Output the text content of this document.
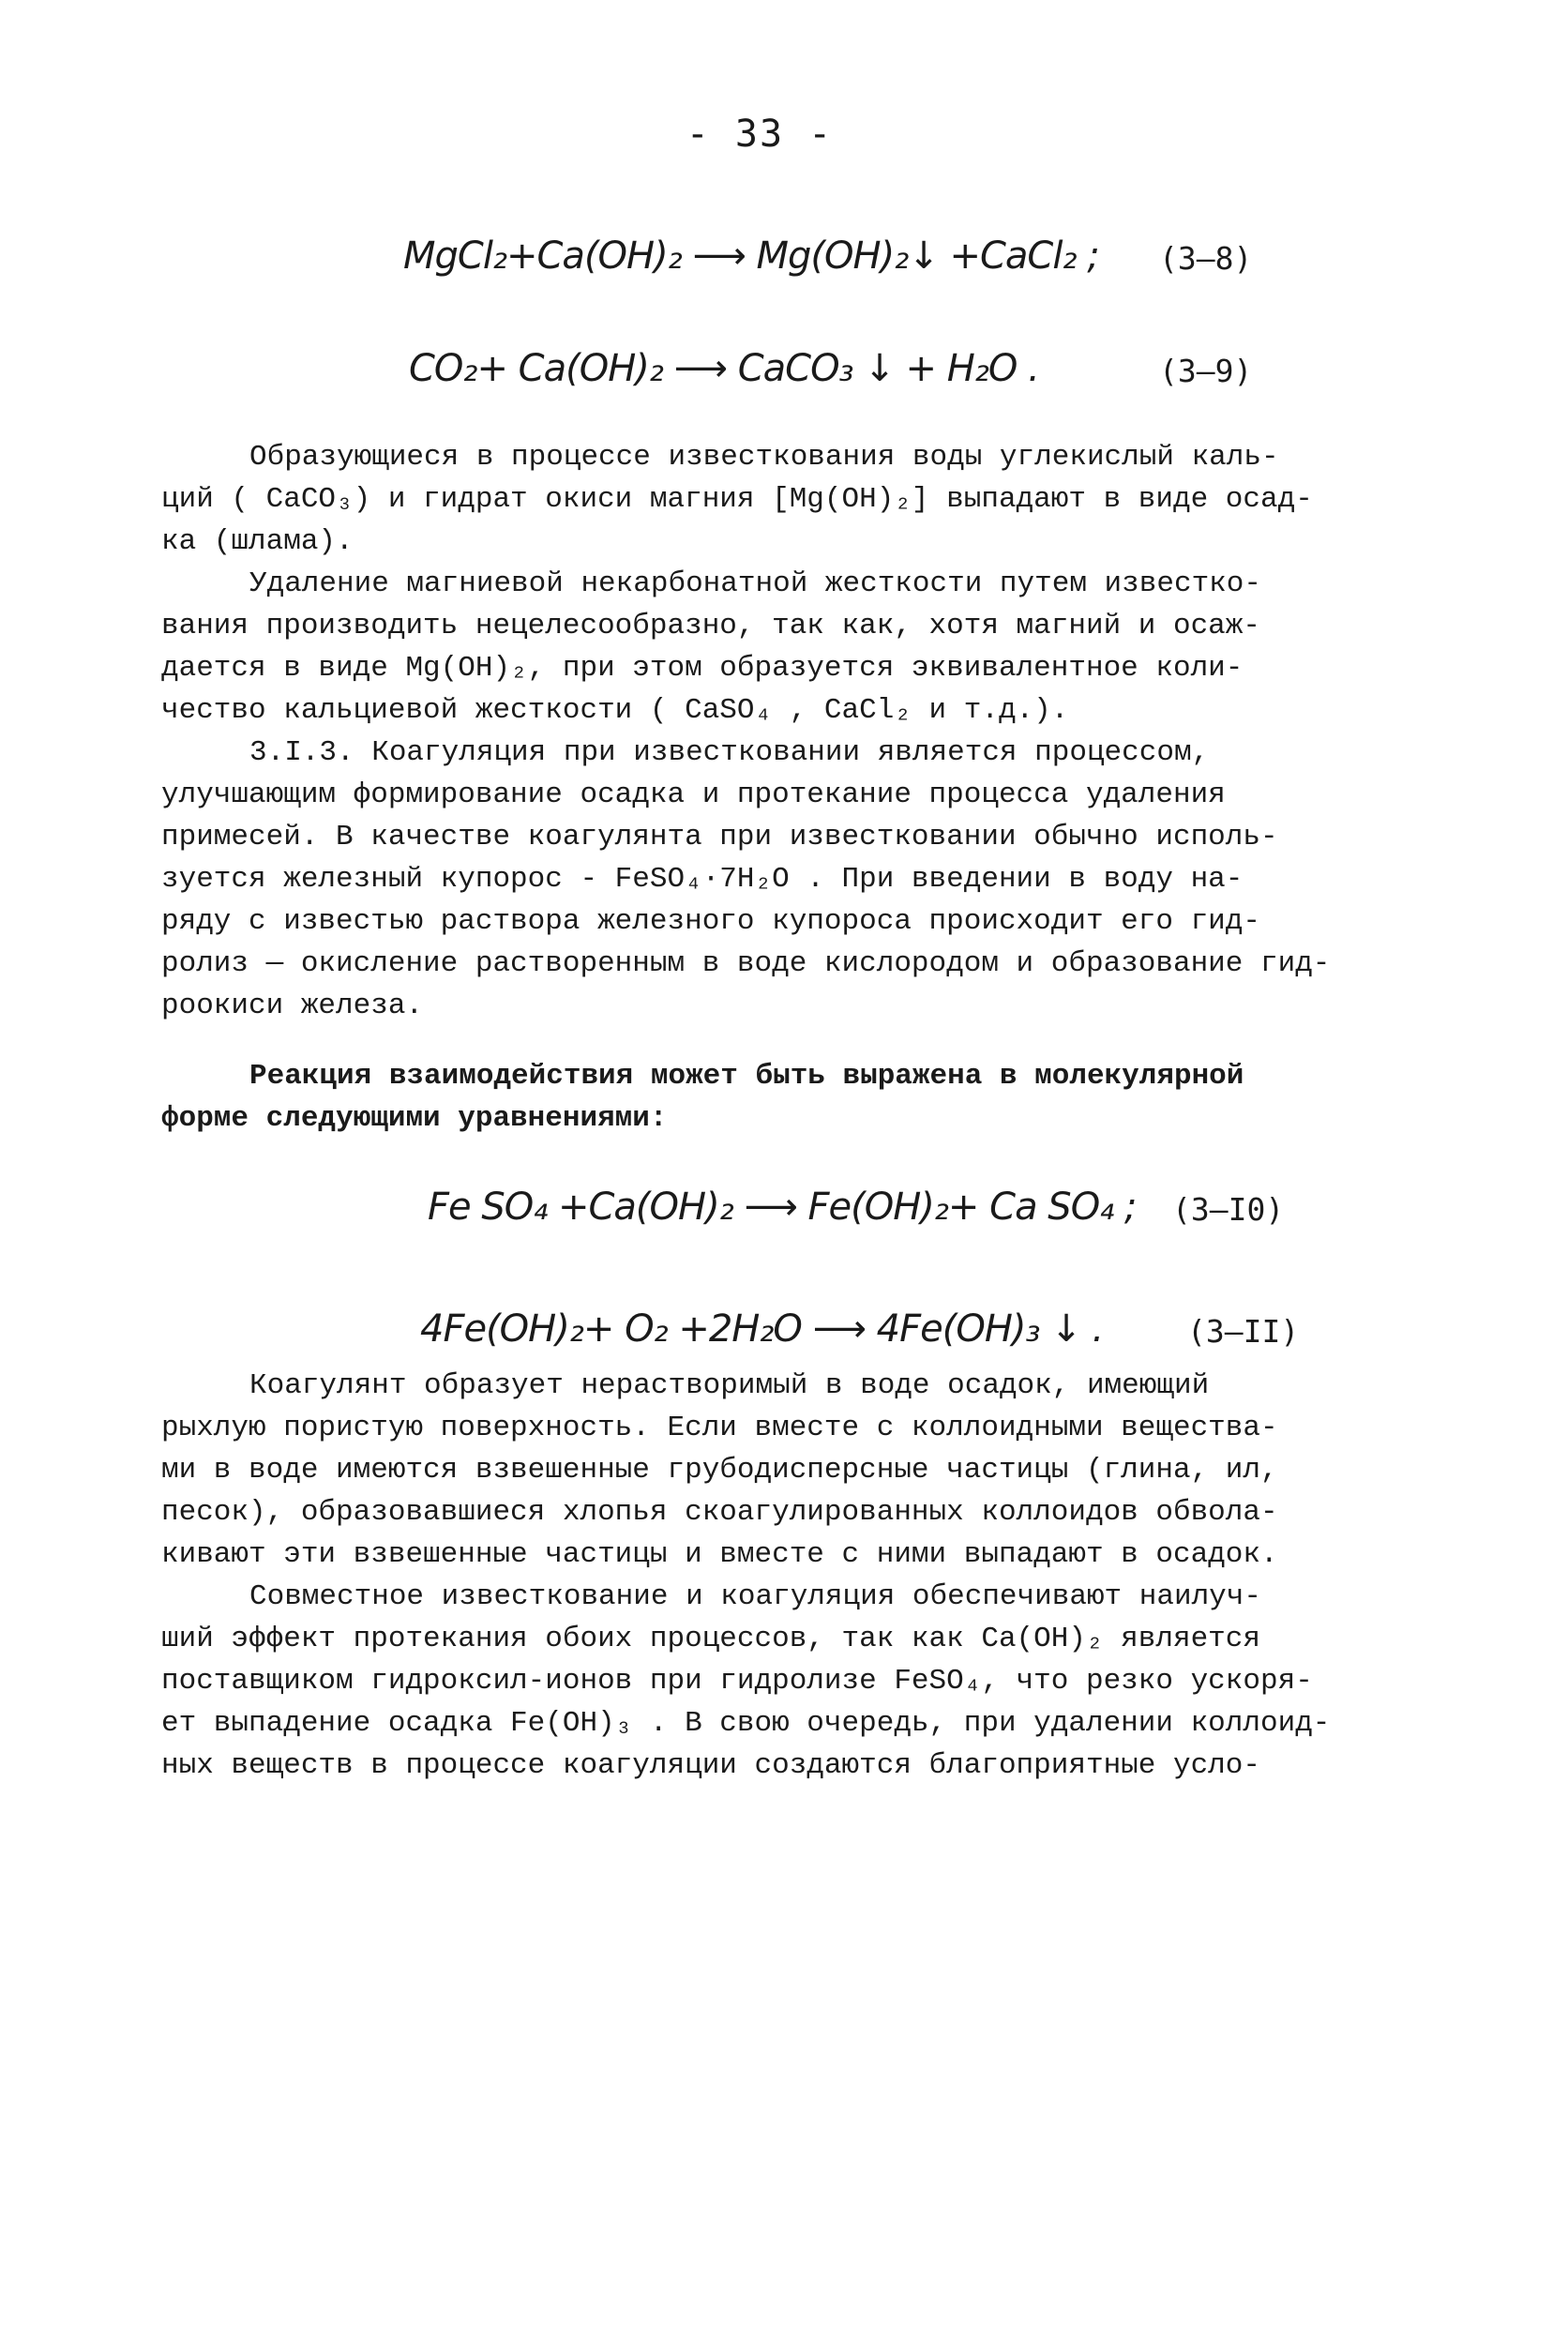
- 33 -
MgCl₂+Ca(OH)₂ ⟶ Mg(OH)₂↓ +CaCl₂ ; (3–8)
CO₂+ Ca(OH)₂ ⟶ CaCO₃ ↓ + H₂O .	(3–9)
Образующиеся в процессе известкования воды углекислый каль-
ций ( CaCO₃) и гидрат окиси магния [Mg(OH)₂] выпадают в виде осад-
ка (шлама).
Удаление магниевой некарбонатной жесткости путем известко-
вания производить нецелесообразно, так как, хотя магний и осаж-
дается в виде Mg(OH)₂, при этом образуется эквивалентное коли-
чество кальциевой жесткости ( CaSO₄ , CaCl₂ и т.д.).
3.I.3. Коагуляция при известковании является процессом,
улучшающим формирование осадка и протекание процесса удаления
примесей. В качестве коагулянта при известковании обычно исполь-
зуется железный купорос - FeSO₄·7H₂O . При введении в воду на-
ряду с известью раствора железного купороса происходит его гид-
ролиз — окисление растворенным в воде кислородом и образование гид-
роокиси железа.
Реакция взаимодействия может быть выражена в молекулярной
форме следующими уравнениями:
Fe SO₄ +Ca(OH)₂ ⟶ Fe(OH)₂+ Ca SO₄ ; (3–I0)
4Fe(OH)₂+ O₂ +2H₂O ⟶ 4Fe(OH)₃ ↓ .	(3–II)
Коагулянт образует нерастворимый в воде осадок, имеющий
рыхлую пористую поверхность. Если вместе с коллоидными вещества-
ми в воде имеются взвешенные грубодисперсные частицы (глина, ил,
песок), образовавшиеся хлопья скоагулированных коллоидов обвола-
кивают эти взвешенные частицы и вместе с ними выпадают в осадок.
Совместное известкование и коагуляция обеспечивают наилуч-
ший эффект протекания обоих процессов, так как Ca(OH)₂ является
поставщиком гидроксил-ионов при гидролизе FeSO₄, что резко ускоря-
ет выпадение осадка Fe(OH)₃ . В свою очередь, при удалении коллоид-
ных веществ в процессе коагуляции создаются благоприятные усло-
